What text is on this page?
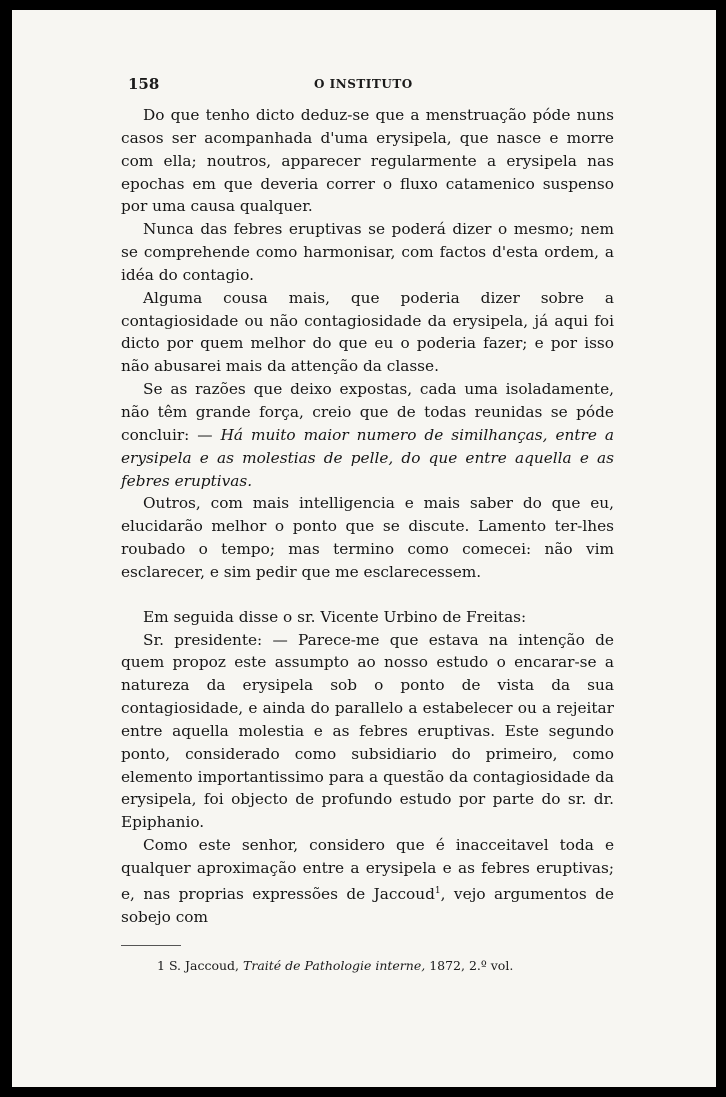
158	O INSTITUTO

Do que tenho dicto deduz-se que a menstruação póde nuns casos ser acompanhada d'uma erysipela, que nasce e morre com ella; noutros, apparecer regularmente a erysipela nas epochas em que deveria correr o fluxo catamenico suspenso por uma causa qualquer.

Nunca das febres eruptivas se poderá dizer o mesmo; nem se comprehende como harmonisar, com factos d'esta ordem, a idéa do contagio.

Alguma cousa mais, que poderia dizer sobre a contagiosidade ou não contagiosidade da erysipela, já aqui foi dicto por quem melhor do que eu o poderia fazer; e por isso não abusarei mais da attenção da classe.

Se as razões que deixo expostas, cada uma isoladamente, não têm grande força, creio que de todas reunidas se póde concluir: — Há muito maior numero de similhanças, entre a erysipela e as molestias de pelle, do que entre aquella e as febres eruptivas.

Outros, com mais intelligencia e mais saber do que eu, elucidarão melhor o ponto que se discute. Lamento ter-lhes roubado o tempo; mas termino como comecei: não vim esclarecer, e sim pedir que me esclarecessem.

Em seguida disse o sr. Vicente Urbino de Freitas:

Sr. presidente: — Parece-me que estava na intenção de quem propoz este assumpto ao nosso estudo o encarar-se a natureza da erysipela sob o ponto de vista da sua contagiosidade, e ainda do parallelo a estabelecer ou a rejeitar entre aquella molestia e as febres eruptivas. Este segundo ponto, considerado como subsidiario do primeiro, como elemento importantissimo para a questão da contagiosidade da erysipela, foi objecto de profundo estudo por parte do sr. dr. Epiphanio.

Como este senhor, considero que é inacceitavel toda e qualquer aproximação entre a erysipela e as febres eruptivas; e, nas proprias expressões de Jaccoud$^1$, vejo argumentos de sobejo com

1 S. Jaccoud, Traité de Pathologie interne, 1872, 2.º vol.
